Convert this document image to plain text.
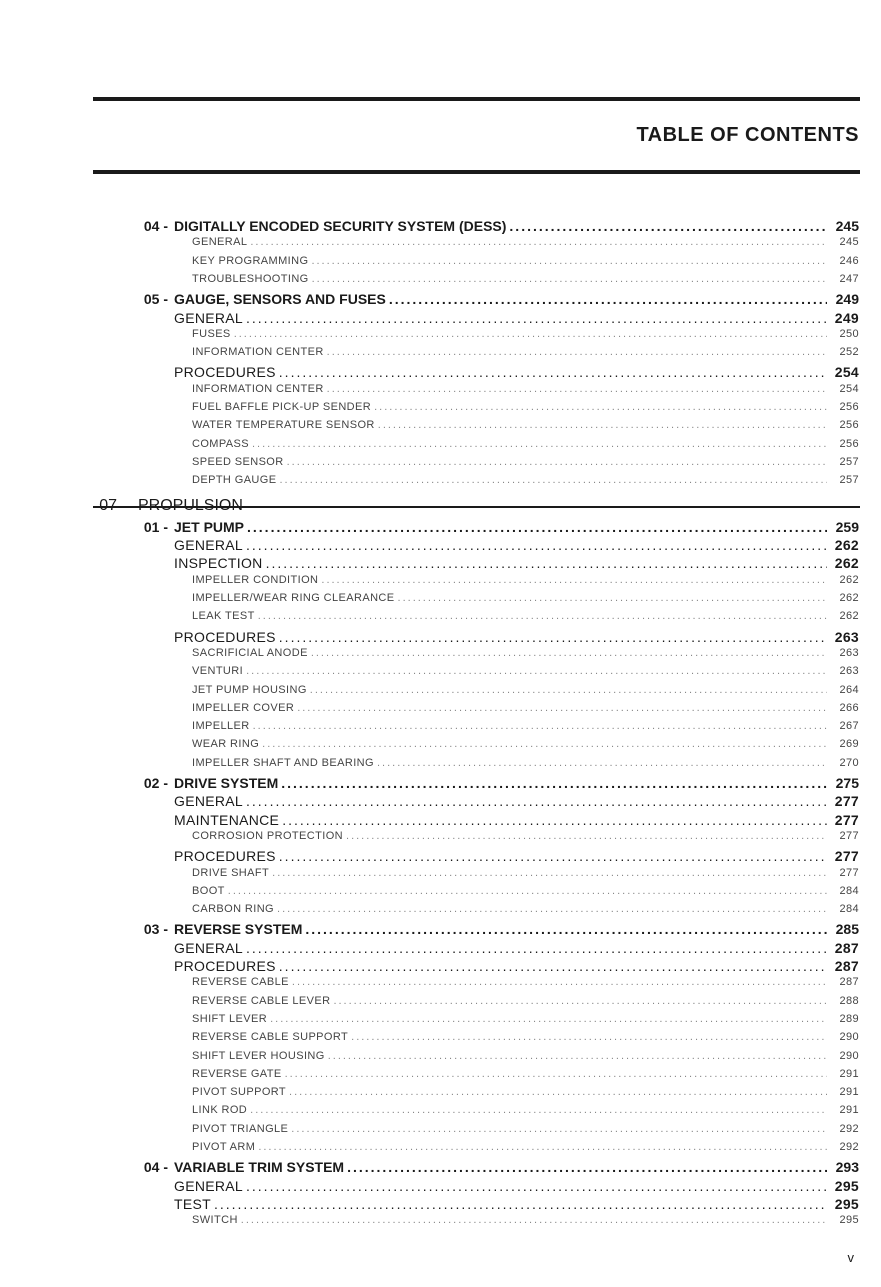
TABLE OF CONTENTS
04 - DIGITALLY ENCODED SECURITY SYSTEM (DESS) .....	245
GENERAL .....	245
KEY PROGRAMMING .....	246
TROUBLESHOOTING .....	247
05 - GAUGE, SENSORS AND FUSES .....	249
GENERAL .....	249
FUSES .....	250
INFORMATION CENTER .....	252
PROCEDURES .....	254
INFORMATION CENTER .....	254
FUEL BAFFLE PICK-UP SENDER .....	256
WATER TEMPERATURE SENSOR .....	256
COMPASS .....	256
SPEED SENSOR .....	257
DEPTH GAUGE .....	257
07 PROPULSION
01 - JET PUMP .....	259
GENERAL .....	262
INSPECTION .....	262
IMPELLER CONDITION .....	262
IMPELLER/WEAR RING CLEARANCE .....	262
LEAK TEST .....	262
PROCEDURES .....	263
SACRIFICIAL ANODE .....	263
VENTURI .....	263
JET PUMP HOUSING .....	264
IMPELLER COVER .....	266
IMPELLER .....	267
WEAR RING .....	269
IMPELLER SHAFT AND BEARING .....	270
02 - DRIVE SYSTEM .....	275
GENERAL .....	277
MAINTENANCE .....	277
CORROSION PROTECTION .....	277
PROCEDURES .....	277
DRIVE SHAFT .....	277
BOOT .....	284
CARBON RING .....	284
03 - REVERSE SYSTEM .....	285
GENERAL .....	287
PROCEDURES .....	287
REVERSE CABLE .....	287
REVERSE CABLE LEVER .....	288
SHIFT LEVER .....	289
REVERSE CABLE SUPPORT .....	290
SHIFT LEVER HOUSING .....	290
REVERSE GATE .....	291
PIVOT SUPPORT .....	291
LINK ROD .....	291
PIVOT TRIANGLE .....	292
PIVOT ARM .....	292
04 - VARIABLE TRIM SYSTEM .....	293
GENERAL .....	295
TEST .....	295
SWITCH .....	295
v
